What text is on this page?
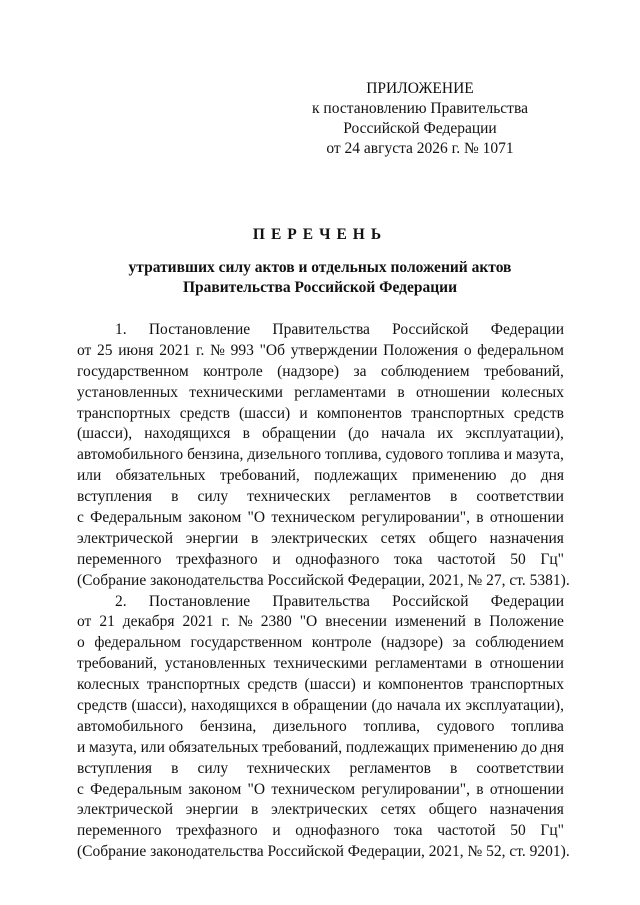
ПРИЛОЖЕНИЕ
к постановлению Правительства
Российской Федерации
от 24 августа 2026 г. № 1071
ПЕРЕЧЕНЬ
утративших силу актов и отдельных положений актов
Правительства Российской Федерации
1. Постановление Правительства Российской Федерации
от 25 июня 2021 г. № 993 "Об утверждении Положения о федеральном
государственном контроле (надзоре) за соблюдением требований,
установленных техническими регламентами в отношении колесных
транспортных средств (шасси) и компонентов транспортных средств
(шасси), находящихся в обращении (до начала их эксплуатации),
автомобильного бензина, дизельного топлива, судового топлива и мазута,
или обязательных требований, подлежащих применению до дня
вступления в силу технических регламентов в соответствии
с Федеральным законом "О техническом регулировании", в отношении
электрической энергии в электрических сетях общего назначения
переменного трехфазного и однофазного тока частотой 50 Гц"
(Собрание законодательства Российской Федерации, 2021, № 27, ст. 5381).
2. Постановление Правительства Российской Федерации
от 21 декабря 2021 г. № 2380 "О внесении изменений в Положение
о федеральном государственном контроле (надзоре) за соблюдением
требований, установленных техническими регламентами в отношении
колесных транспортных средств (шасси) и компонентов транспортных
средств (шасси), находящихся в обращении (до начала их эксплуатации),
автомобильного бензина, дизельного топлива, судового топлива
и мазута, или обязательных требований, подлежащих применению до дня
вступления в силу технических регламентов в соответствии
с Федеральным законом "О техническом регулировании", в отношении
электрической энергии в электрических сетях общего назначения
переменного трехфазного и однофазного тока частотой 50 Гц"
(Собрание законодательства Российской Федерации, 2021, № 52, ст. 9201).
